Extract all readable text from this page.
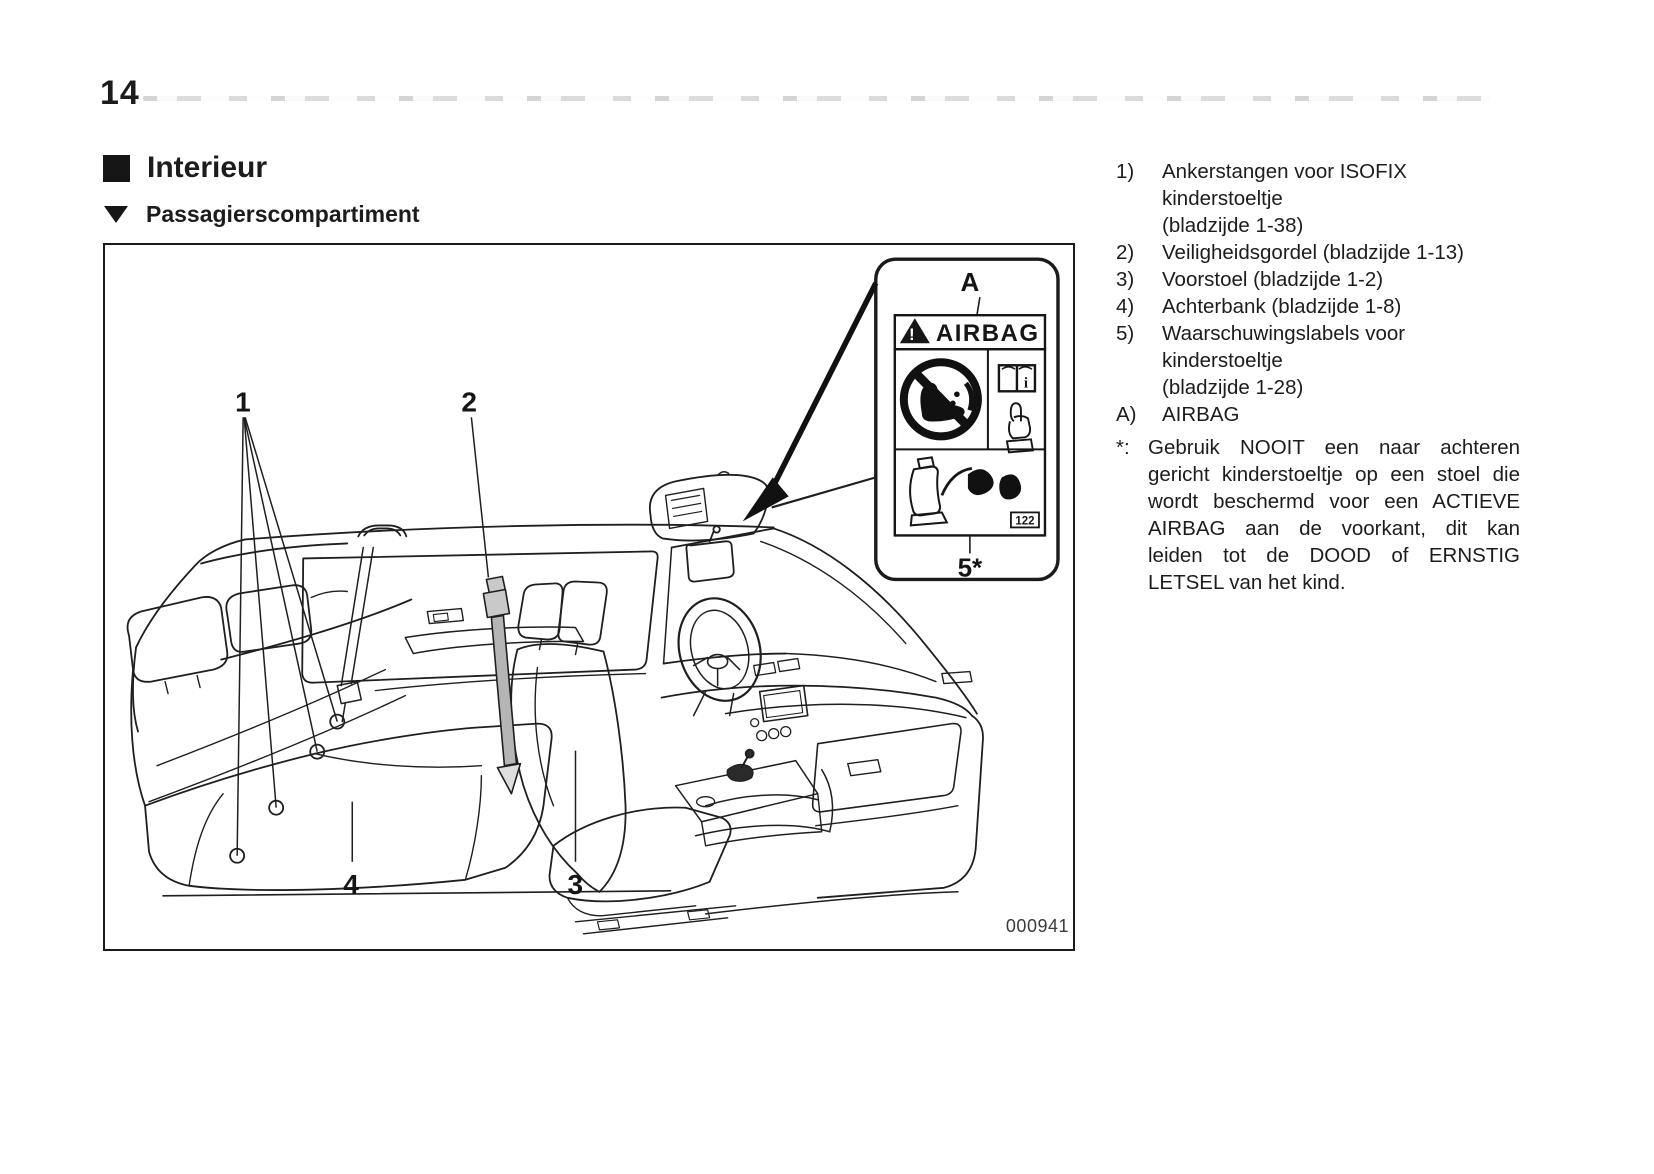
14
Interieur
Passagierscompartiment
! AIRBAG
i
122
1	2
3
4
A
5*
000941
1)	Ankerstangen voor ISOFIX kinderstoeltje
(bladzijde 1-38)
2)	Veiligheidsgordel (bladzijde 1-13)
3)	Voorstoel (bladzijde 1-2)
4)	Achterbank (bladzijde 1-8)
5)	Waarschuwingslabels voor kinderstoeltje
(bladzijde 1-28)
A)	AIRBAG
*: Gebruik NOOIT een naar achteren
gericht kinderstoeltje op een stoel die
wordt beschermd voor een ACTIEVE
AIRBAG aan de voorkant, dit kan
leiden tot de DOOD of ERNSTIG
LETSEL van het kind.
